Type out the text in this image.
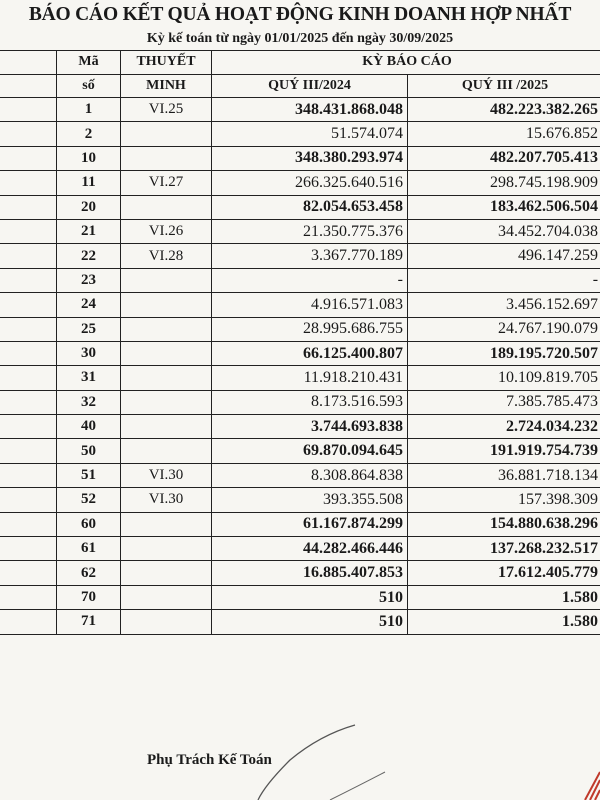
BÁO CÁO KẾT QUẢ HOẠT ĐỘNG KINH DOANH HỢP NHẤT
Kỳ kế toán từ ngày 01/01/2025 đến ngày 30/09/2025
	Mã	THUYẾT	KỲ BÁO CÁO	
	số	MINH	QUÝ III/2024	QUÝ III /2025
	1	VI.25	348.431.868.048	482.223.382.265
	2		51.574.074	15.676.852
	10		348.380.293.974	482.207.705.413
	11	VI.27	266.325.640.516	298.745.198.909
	20		82.054.653.458	183.462.506.504
	21	VI.26	21.350.775.376	34.452.704.038
	22	VI.28	3.367.770.189	496.147.259
	23		-	-
	24		4.916.571.083	3.456.152.697
	25		28.995.686.755	24.767.190.079
	30		66.125.400.807	189.195.720.507
	31		11.918.210.431	10.109.819.705
	32		8.173.516.593	7.385.785.473
	40		3.744.693.838	2.724.034.232
	50		69.870.094.645	191.919.754.739
	51	VI.30	8.308.864.838	36.881.718.134
	52	VI.30	393.355.508	157.398.309
	60		61.167.874.299	154.880.638.296
	61		44.282.466.446	137.268.232.517
	62		16.885.407.853	17.612.405.779
	70		510	1.580
	71		510	1.580
Phụ Trách Kế Toán
